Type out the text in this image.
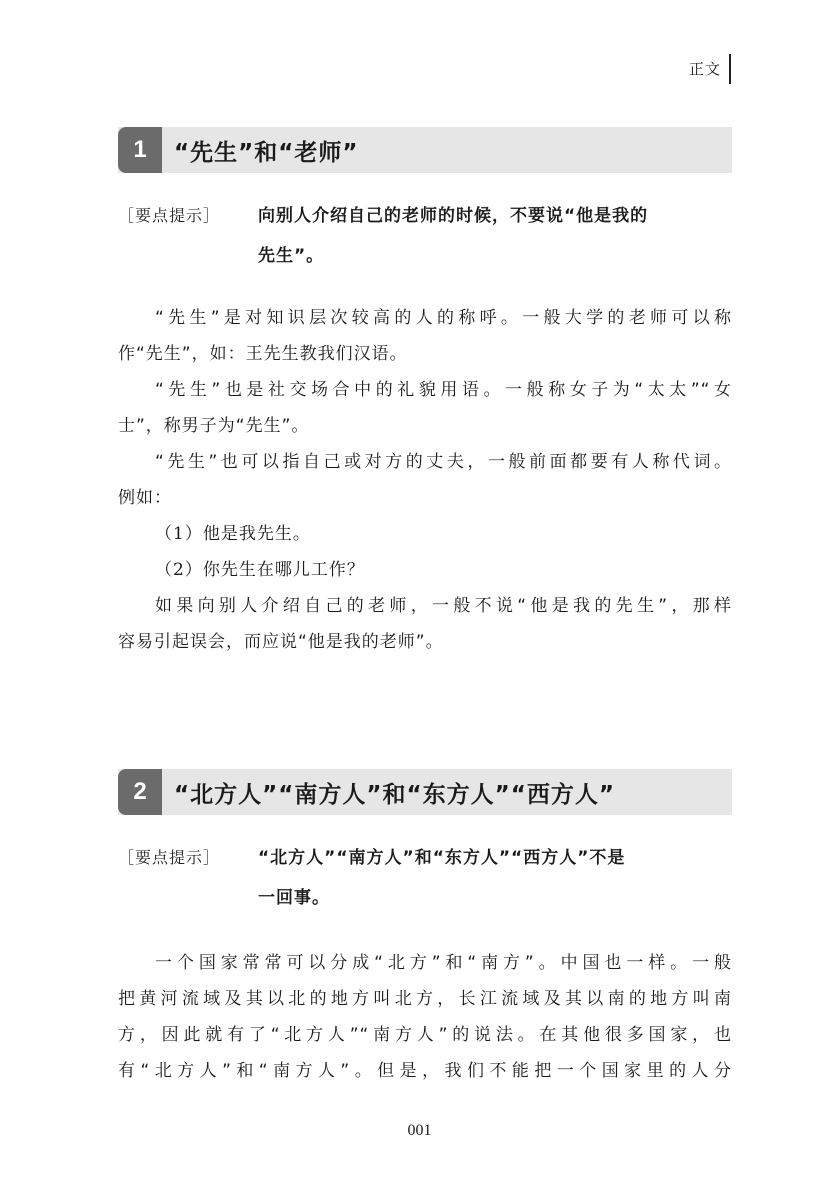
正文
1	“先生”和“老师”
［要点提示］ 向别人介绍自己的老师的时候，不要说“他是我的
先生”。
“先生”是对知识层次较高的人的称呼。一般大学的老师可以称
作“先生”，如：王先生教我们汉语。
“先生”也是社交场合中的礼貌用语。一般称女子为“太太”“女
士”，称男子为“先生”。
“先生”也可以指自己或对方的丈夫，一般前面都要有人称代词。
例如：
（1）他是我先生。
（2）你先生在哪儿工作？
如果向别人介绍自己的老师，一般不说“他是我的先生”，那样
容易引起误会，而应说“他是我的老师”。
2	“北方人”“南方人”和“东方人”“西方人”
［要点提示］ “北方人”“南方人”和“东方人”“西方人”不是
一回事。
一个国家常常可以分成“北方”和“南方”。中国也一样。一般
把黄河流域及其以北的地方叫北方，长江流域及其以南的地方叫南
方，因此就有了“北方人”“南方人”的说法。在其他很多国家，也
有“北方人”和“南方人”。但是，我们不能把一个国家里的人分
001
